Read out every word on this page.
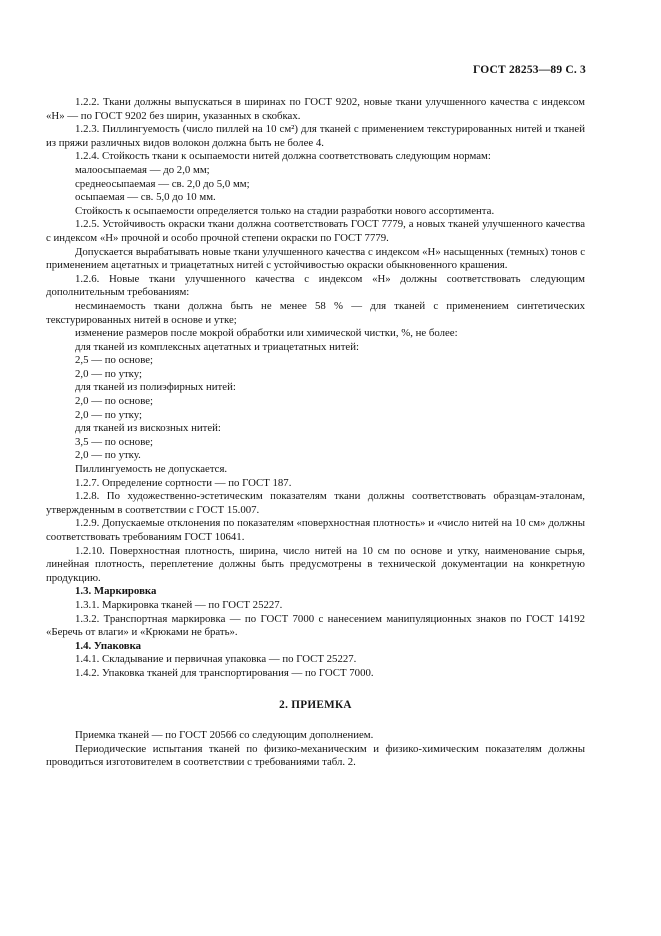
ГОСТ 28253—89 С. 3
1.2.2. Ткани должны выпускаться в ширинах по ГОСТ 9202, новые ткани улучшенного качества с индексом «Н» — по ГОСТ 9202 без ширин, указанных в скобках.
1.2.3. Пиллингуемость (число пиллей на 10 см²) для тканей с применением текстурированных нитей и тканей из пряжи различных видов волокон должна быть не более 4.
1.2.4. Стойкость ткани к осыпаемости нитей должна соответствовать следующим нормам:
малоосыпаемая — до 2,0 мм;
среднеосыпаемая — св. 2,0 до 5,0 мм;
осыпаемая — св. 5,0 до 10 мм.
Стойкость к осыпаемости определяется только на стадии разработки нового ассортимента.
1.2.5. Устойчивость окраски ткани должна соответствовать ГОСТ 7779, а новых тканей улучшенного качества с индексом «Н» прочной и особо прочной степени окраски по ГОСТ 7779.
Допускается вырабатывать новые ткани улучшенного качества с индексом «Н» насыщенных (темных) тонов с применением ацетатных и триацетатных нитей с устойчивостью окраски обыкновенного крашения.
1.2.6. Новые ткани улучшенного качества с индексом «Н» должны соответствовать следующим дополнительным требованиям:
несминаемость ткани должна быть не менее 58 % — для тканей с применением синтетических текстурированных нитей в основе и утке;
изменение размеров после мокрой обработки или химической чистки, %, не более:
для тканей из комплексных ацетатных и триацетатных нитей:
2,5 — по основе;
2,0 — по утку;
для тканей из полиэфирных нитей:
2,0 — по основе;
2,0 — по утку;
для тканей из вискозных нитей:
3,5 — по основе;
2,0 — по утку.
Пиллингуемость не допускается.
1.2.7. Определение сортности — по ГОСТ 187.
1.2.8. По художественно-эстетическим показателям ткани должны соответствовать образцам-эталонам, утвержденным в соответствии с ГОСТ 15.007.
1.2.9. Допускаемые отклонения по показателям «поверхностная плотность» и «число нитей на 10 см» должны соответствовать требованиям ГОСТ 10641.
1.2.10. Поверхностная плотность, ширина, число нитей на 10 см по основе и утку, наименование сырья, линейная плотность, переплетение должны быть предусмотрены в технической документации на конкретную продукцию.
1.3. Маркировка
1.3.1. Маркировка тканей — по ГОСТ 25227.
1.3.2. Транспортная маркировка — по ГОСТ 7000 с нанесением манипуляционных знаков по ГОСТ 14192 «Беречь от влаги» и «Крюками не брать».
1.4. Упаковка
1.4.1. Складывание и первичная упаковка — по ГОСТ 25227.
1.4.2. Упаковка тканей для транспортирования — по ГОСТ 7000.
2. ПРИЕМКА
Приемка тканей — по ГОСТ 20566 со следующим дополнением.
Периодические испытания тканей по физико-механическим и физико-химическим показателям должны проводиться изготовителем в соответствии с требованиями табл. 2.
